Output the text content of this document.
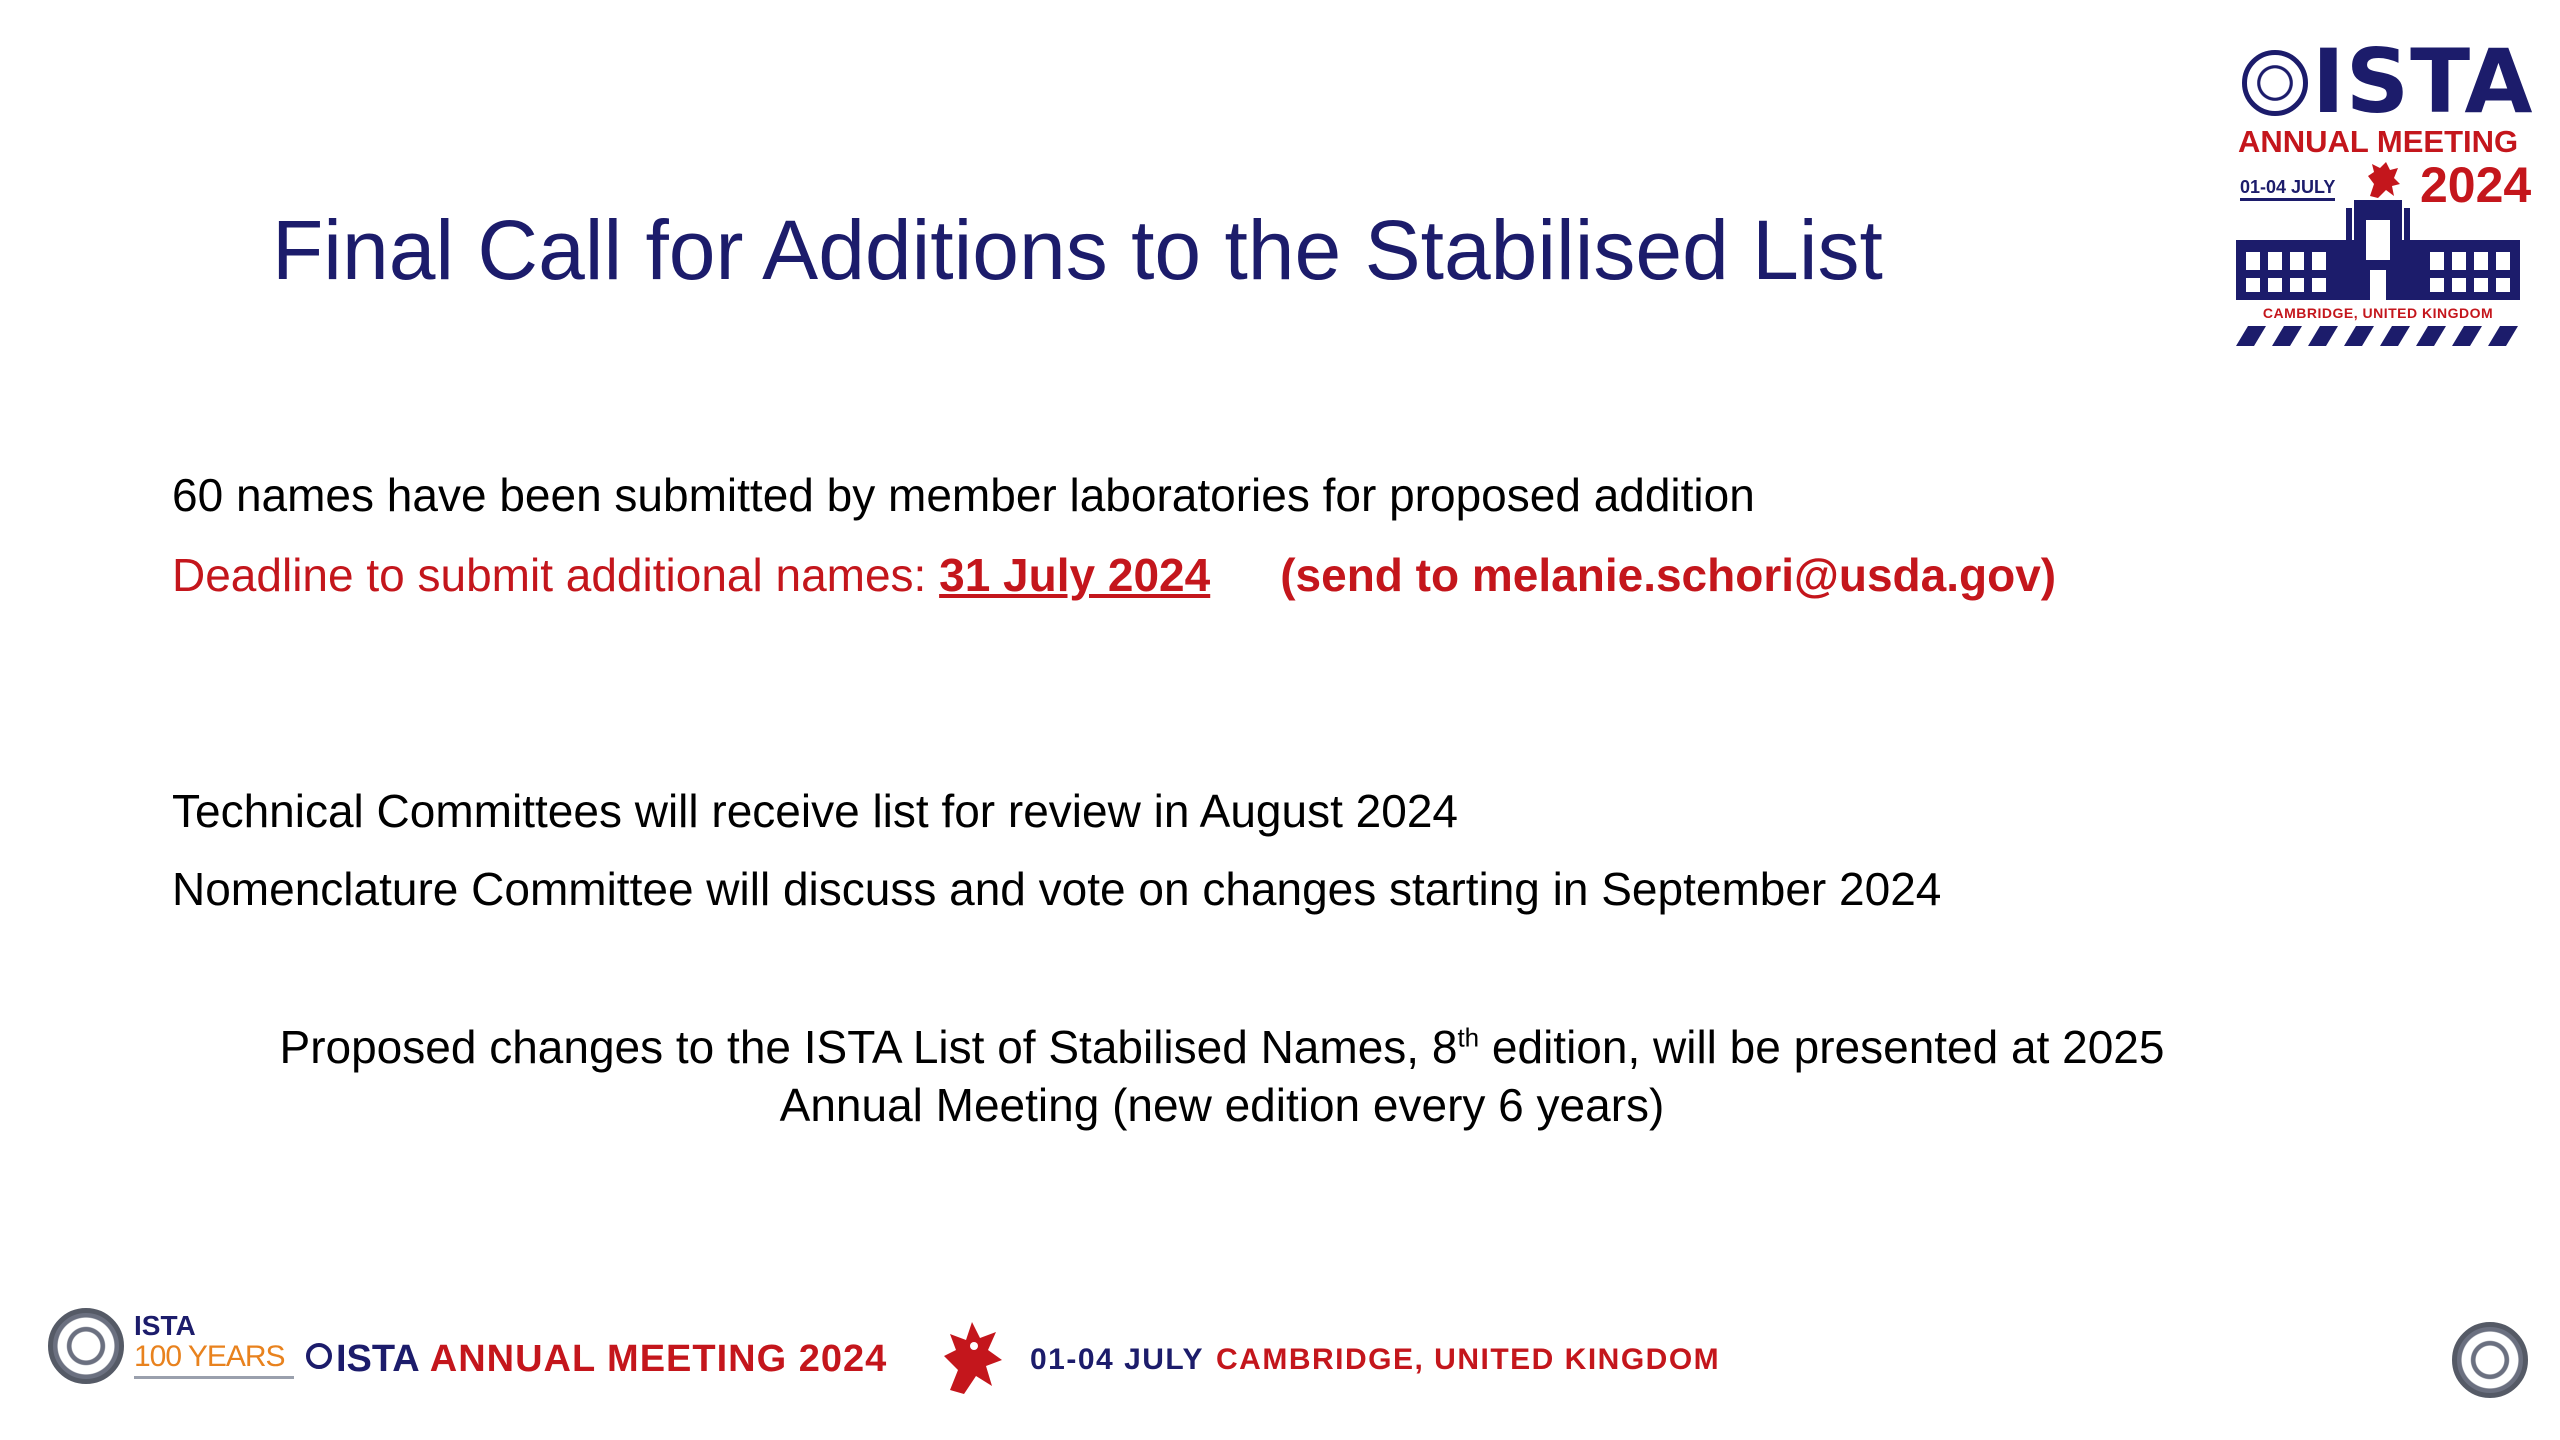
Final Call for Additions to the Stabilised List
ISTA
ANNUAL MEETING
01-04 JULY 2024
CAMBRIDGE, UNITED KINGDOM
60 names have been submitted by member laboratories for proposed addition
Deadline to submit additional names: 31 July 2024 (send to melanie.schori@usda.gov)
Technical Committees will receive list for review in August 2024
Nomenclature Committee will discuss and vote on changes starting in September 2024
Proposed changes to the ISTA List of Stabilised Names, 8th edition, will be presented at 2025
Annual Meeting (new edition every 6 years)
ISTA
100 YEARS	ISTA ANNUAL MEETING 2024	01-04 JULY CAMBRIDGE, UNITED KINGDOM
